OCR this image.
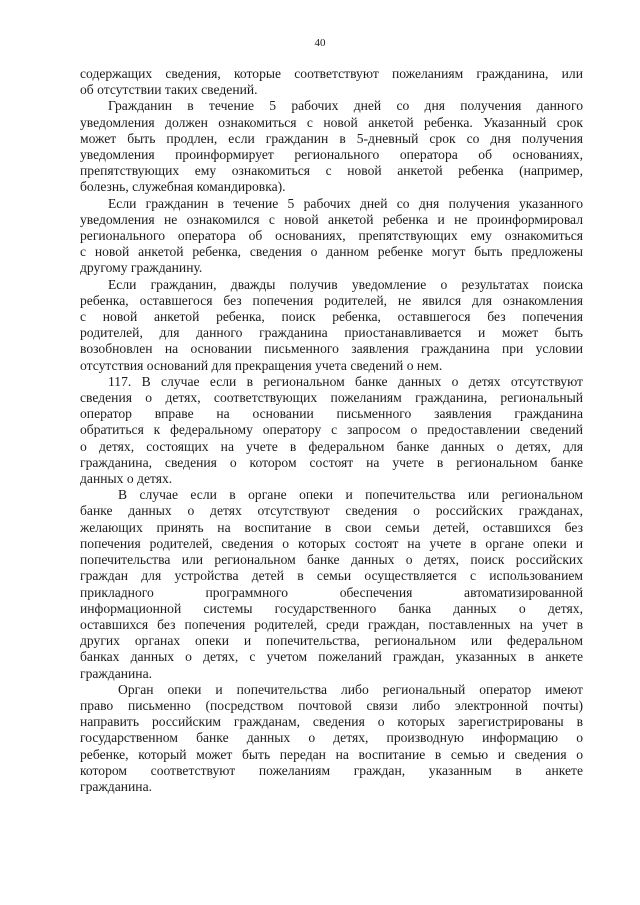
40
содержащих сведения, которые соответствуют пожеланиям гражданина, или
об отсутствии таких сведений.
Гражданин в течение 5 рабочих дней со дня получения данного
уведомления должен ознакомиться с новой анкетой ребенка. Указанный срок
может быть продлен, если гражданин в 5-дневный срок со дня получения
уведомления проинформирует регионального оператора об основаниях,
препятствующих ему ознакомиться с новой анкетой ребенка (например,
болезнь, служебная командировка).
Если гражданин в течение 5 рабочих дней со дня получения указанного
уведомления не ознакомился с новой анкетой ребенка и не проинформировал
регионального оператора об основаниях, препятствующих ему ознакомиться
с новой анкетой ребенка, сведения о данном ребенке могут быть предложены
другому гражданину.
Если гражданин, дважды получив уведомление о результатах поиска
ребенка, оставшегося без попечения родителей, не явился для ознакомления
с новой анкетой ребенка, поиск ребенка, оставшегося без попечения
родителей, для данного гражданина приостанавливается и может быть
возобновлен на основании письменного заявления гражданина при условии
отсутствия оснований для прекращения учета сведений о нем.
117. В случае если в региональном банке данных о детях отсутствуют
сведения о детях, соответствующих пожеланиям гражданина, региональный
оператор вправе на основании письменного заявления гражданина
обратиться к федеральному оператору с запросом о предоставлении сведений
о детях, состоящих на учете в федеральном банке данных о детях, для
гражданина, сведения о котором состоят на учете в региональном банке
данных о детях.
В случае если в органе опеки и попечительства или региональном
банке данных о детях отсутствуют сведения о российских гражданах,
желающих принять на воспитание в свои семьи детей, оставшихся без
попечения родителей, сведения о которых состоят на учете в органе опеки и
попечительства или региональном банке данных о детях, поиск российских
граждан для устройства детей в семьи осуществляется с использованием
прикладного программного обеспечения автоматизированной
информационной системы государственного банка данных о детях,
оставшихся без попечения родителей, среди граждан, поставленных на учет в
других органах опеки и попечительства, региональном или федеральном
банках данных о детях, с учетом пожеланий граждан, указанных в анкете
гражданина.
Орган опеки и попечительства либо региональный оператор имеют
право письменно (посредством почтовой связи либо электронной почты)
направить российским гражданам, сведения о которых зарегистрированы в
государственном банке данных о детях, производную информацию о
ребенке, который может быть передан на воспитание в семью и сведения о
котором соответствуют пожеланиям граждан, указанным в анкете
гражданина.
